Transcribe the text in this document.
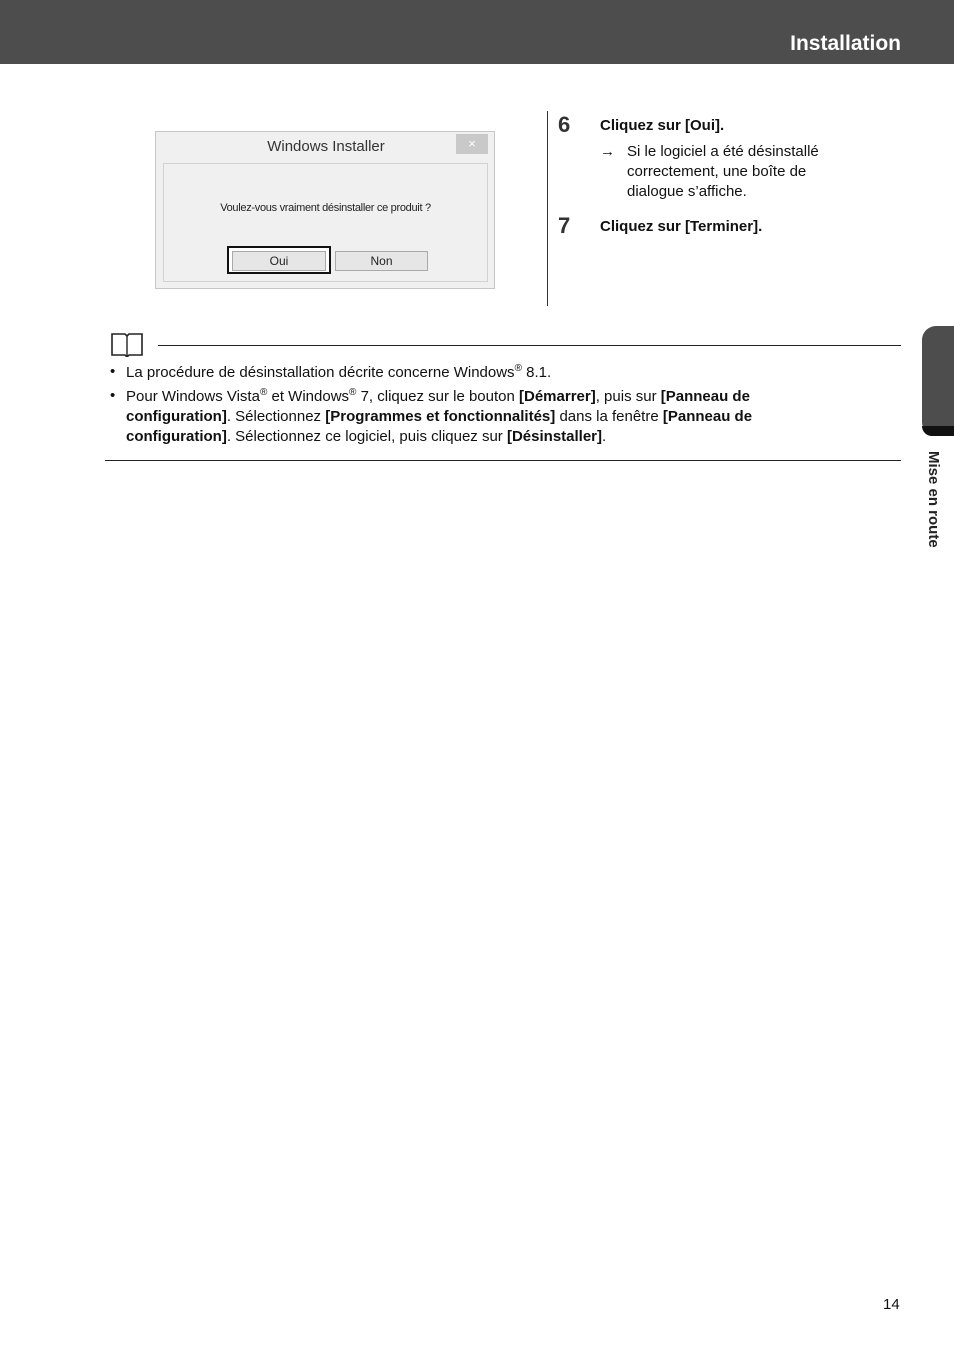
Installation
Mise en route
Windows Installer	×
Voulez-vous vraiment désinstaller ce produit ?
Oui	Non
6 Cliquez sur [Oui].
→ Si le logiciel a été désinstallé
correctement, une boîte de
dialogue s’affiche.
7 Cliquez sur [Terminer].
• La procédure de désinstallation décrite concerne Windows® 8.1.
• Pour Windows Vista® et Windows® 7, cliquez sur le bouton [Démarrer], puis sur [Panneau de
configuration]. Sélectionnez [Programmes et fonctionnalités] dans la fenêtre [Panneau de
configuration]. Sélectionnez ce logiciel, puis cliquez sur [Désinstaller].
14
